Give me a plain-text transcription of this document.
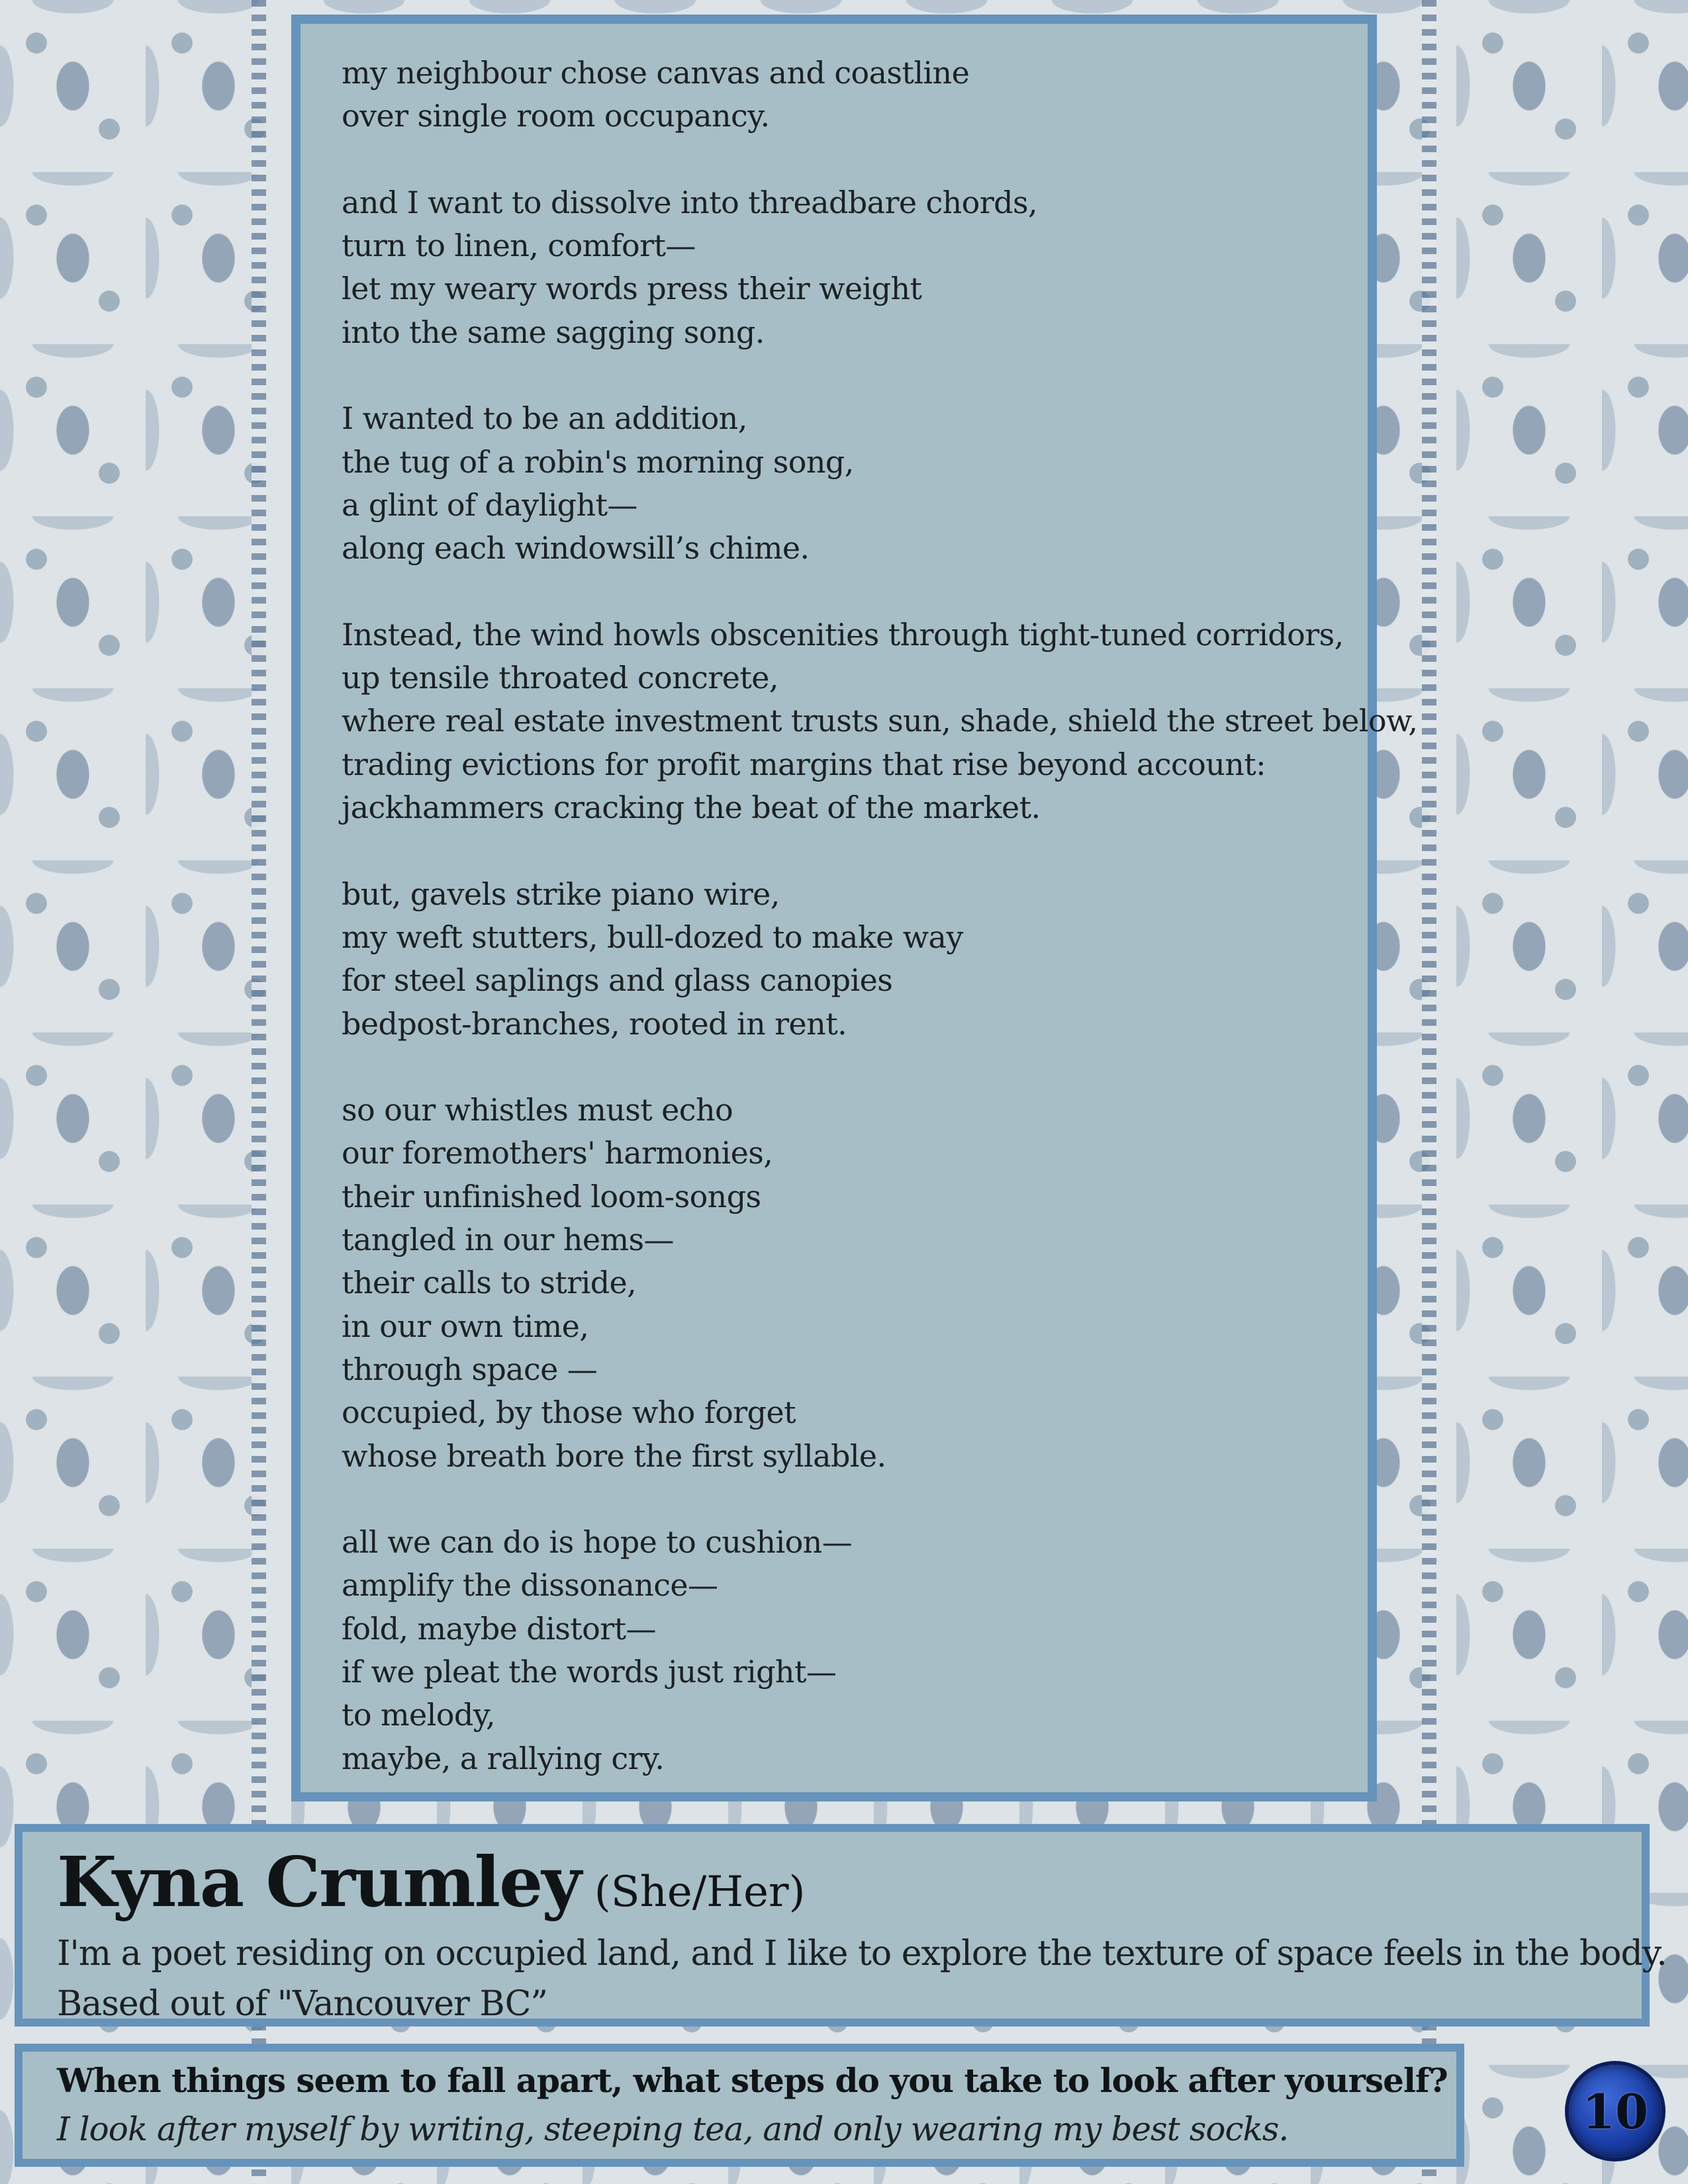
my neighbour chose canvas and coastline
over single room occupancy.
and I want to dissolve into threadbare chords,
turn to linen, comfort—
let my weary words press their weight
into the same sagging song.
I wanted to be an addition,
the tug of a robin's morning song,
a glint of daylight—
along each windowsill’s chime.
Instead, the wind howls obscenities through tight-tuned corridors,
up tensile throated concrete,
where real estate investment trusts sun, shade, shield the street below,
trading evictions for profit margins that rise beyond account:
jackhammers cracking the beat of the market.
but, gavels strike piano wire,
my weft stutters, bull-dozed to make way
for steel saplings and glass canopies
bedpost-branches, rooted in rent.
so our whistles must echo
our foremothers' harmonies,
their unfinished loom-songs
tangled in our hems—
their calls to stride,
in our own time,
through space —
occupied, by those who forget
whose breath bore the first syllable.
all we can do is hope to cushion—
amplify the dissonance—
fold, maybe distort—
if we pleat the words just right—
to melody,
maybe, a rallying cry.
Kyna Crumley (She/Her)
I'm a poet residing on occupied land, and I like to explore the texture of space feels in the body.
Based out of "Vancouver BC”
When things seem to fall apart, what steps do you take to look after yourself?
I look after myself by writing, steeping tea, and only wearing my best socks.	10
